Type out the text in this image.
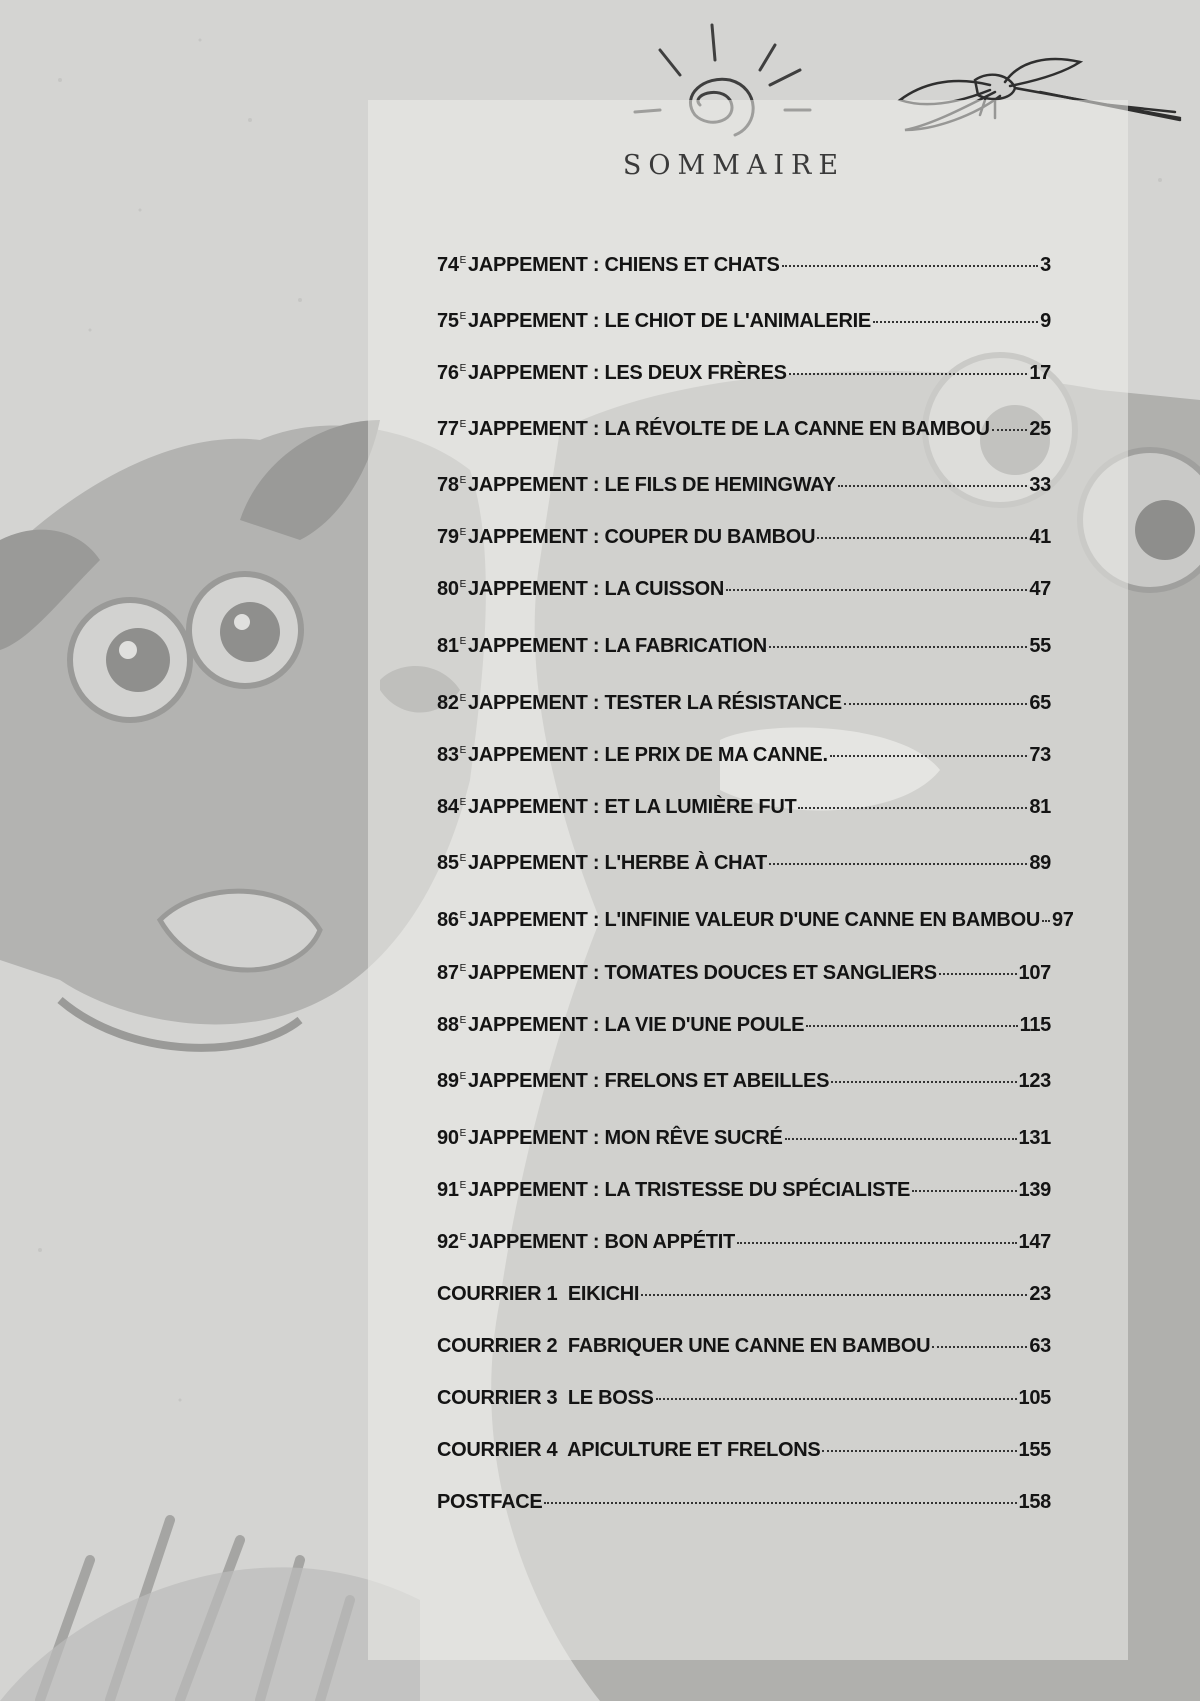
SOMMAIRE
$74^E$ JAPPEMENT : CHIENS ET CHATS	3
$75^E$ JAPPEMENT : LE CHIOT DE L'ANIMALERIE	9
$76^E$ JAPPEMENT : LES DEUX FRÈRES	17
$77^E$ JAPPEMENT : LA RÉVOLTE DE LA CANNE EN BAMBOU 25
$78^E$ JAPPEMENT : LE FILS DE HEMINGWAY	33
$79^E$ JAPPEMENT : COUPER DU BAMBOU	41
$80^E$ JAPPEMENT : LA CUISSON	47
$81^E$ JAPPEMENT : LA FABRICATION	55
$82^E$ JAPPEMENT : TESTER LA RÉSISTANCE	65
$83^E$ JAPPEMENT : LE PRIX DE MA CANNE.	73
$84^E$ JAPPEMENT : ET LA LUMIÈRE FUT	81
$85^E$ JAPPEMENT : L'HERBE À CHAT	89
$86^E$ JAPPEMENT : L'INFINIE VALEUR D'UNE CANNE EN BAMBOU 97
$87^E$ JAPPEMENT : TOMATES DOUCES ET SANGLIERS	107
$88^E$ JAPPEMENT : LA VIE D'UNE POULE	115
$89^E$ JAPPEMENT : FRELONS ET ABEILLES	123
$90^E$ JAPPEMENT : MON RÊVE SUCRÉ	131
$91^E$ JAPPEMENT : LA TRISTESSE DU SPÉCIALISTE	139
$92^E$ JAPPEMENT : BON APPÉTIT	147
COURRIER 1 EIKICHI	23
COURRIER 2 FABRIQUER UNE CANNE EN BAMBOU	63
COURRIER 3 LE BOSS	105
COURRIER 4 APICULTURE ET FRELONS	155
POSTFACE	158
